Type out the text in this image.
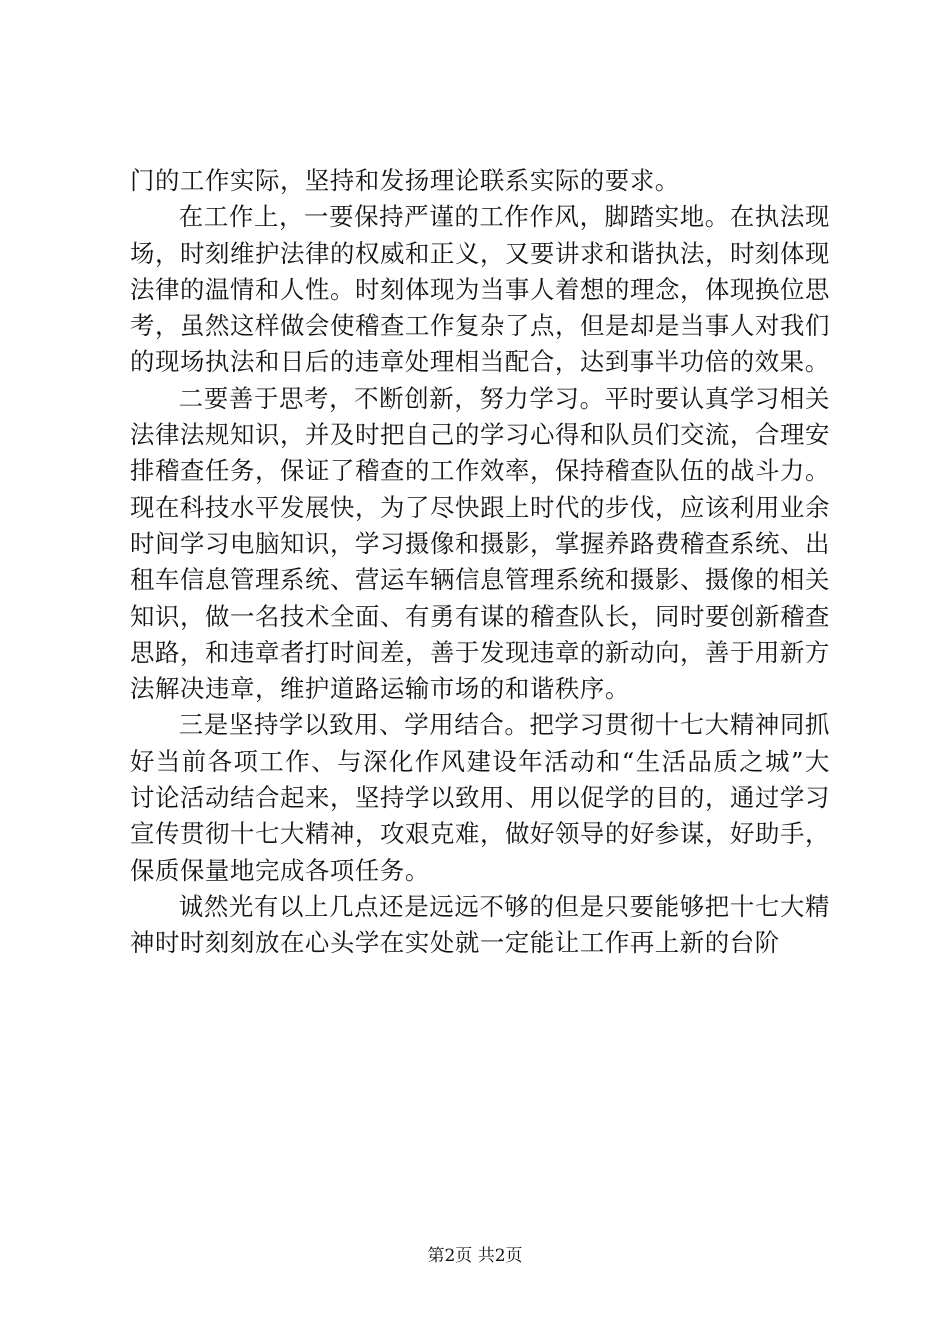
门的工作实际，坚持和发扬理论联系实际的要求。

在工作上，一要保持严谨的工作作风，脚踏实地。在执法现场，时刻维护法律的权威和正义，又要讲求和谐执法，时刻体现法律的温情和人性。时刻体现为当事人着想的理念，体现换位思考，虽然这样做会使稽查工作复杂了点，但是却是当事人对我们的现场执法和日后的违章处理相当配合，达到事半功倍的效果。

二要善于思考，不断创新，努力学习。平时要认真学习相关法律法规知识，并及时把自己的学习心得和队员们交流，合理安排稽查任务，保证了稽查的工作效率，保持稽查队伍的战斗力。现在科技水平发展快，为了尽快跟上时代的步伐，应该利用业余时间学习电脑知识，学习摄像和摄影，掌握养路费稽查系统、出租车信息管理系统、营运车辆信息管理系统和摄影、摄像的相关知识，做一名技术全面、有勇有谋的稽查队长，同时要创新稽查思路，和违章者打时间差，善于发现违章的新动向，善于用新方法解决违章，维护道路运输市场的和谐秩序。

三是坚持学以致用、学用结合。把学习贯彻十七大精神同抓好当前各项工作、与深化作风建设年活动和“生活品质之城”大讨论活动结合起来，坚持学以致用、用以促学的目的，通过学习宣传贯彻十七大精神，攻艰克难，做好领导的好参谋，好助手，保质保量地完成各项任务。

诚然光有以上几点还是远远不够的但是只要能够把十七大精神时时刻刻放在心头学在实处就一定能让工作再上新的台阶

第2页 共2页
